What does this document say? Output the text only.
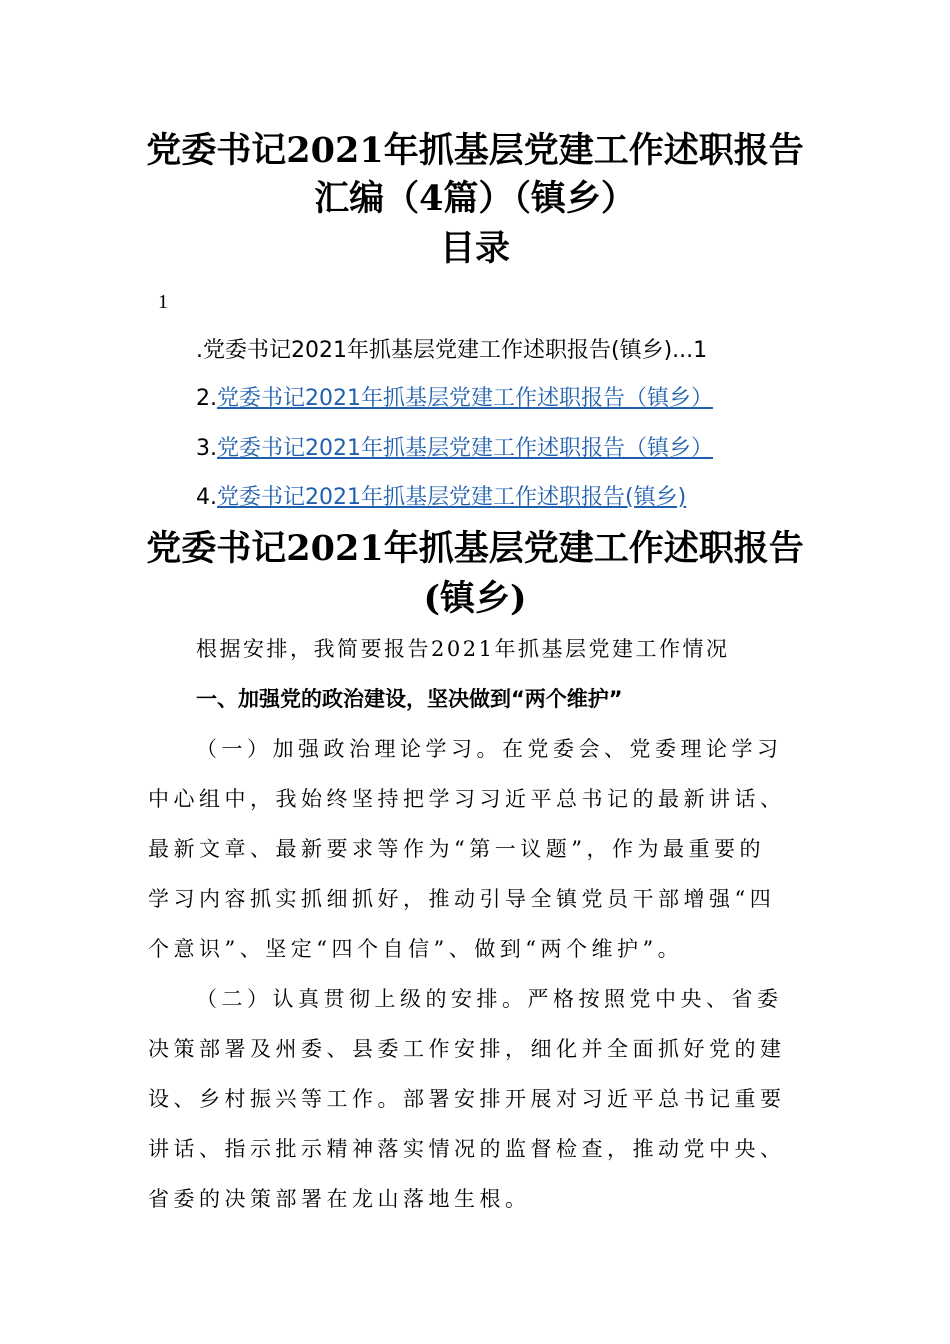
党委书记2021年抓基层党建工作述职报告
汇编（4篇）（镇乡）
目录
1
.党委书记2021年抓基层党建工作述职报告(镇乡)...1
2.党委书记2021年抓基层党建工作述职报告（镇乡）
3.党委书记2021年抓基层党建工作述职报告（镇乡）
4.党委书记2021年抓基层党建工作述职报告(镇乡)
党委书记2021年抓基层党建工作述职报告
(镇乡)
根据安排，我简要报告2021年抓基层党建工作情况
一、加强党的政治建设，坚决做到“两个维护”
（一）加强政治理论学习。在党委会、党委理论学习
中心组中，我始终坚持把学习习近平总书记的最新讲话、
最新文章、最新要求等作为“第一议题”，作为最重要的
学习内容抓实抓细抓好，推动引导全镇党员干部增强“四
个意识”、坚定“四个自信”、做到“两个维护”。
（二）认真贯彻上级的安排。严格按照党中央、省委
决策部署及州委、县委工作安排，细化并全面抓好党的建
设、乡村振兴等工作。部署安排开展对习近平总书记重要
讲话、指示批示精神落实情况的监督检查，推动党中央、
省委的决策部署在龙山落地生根。
